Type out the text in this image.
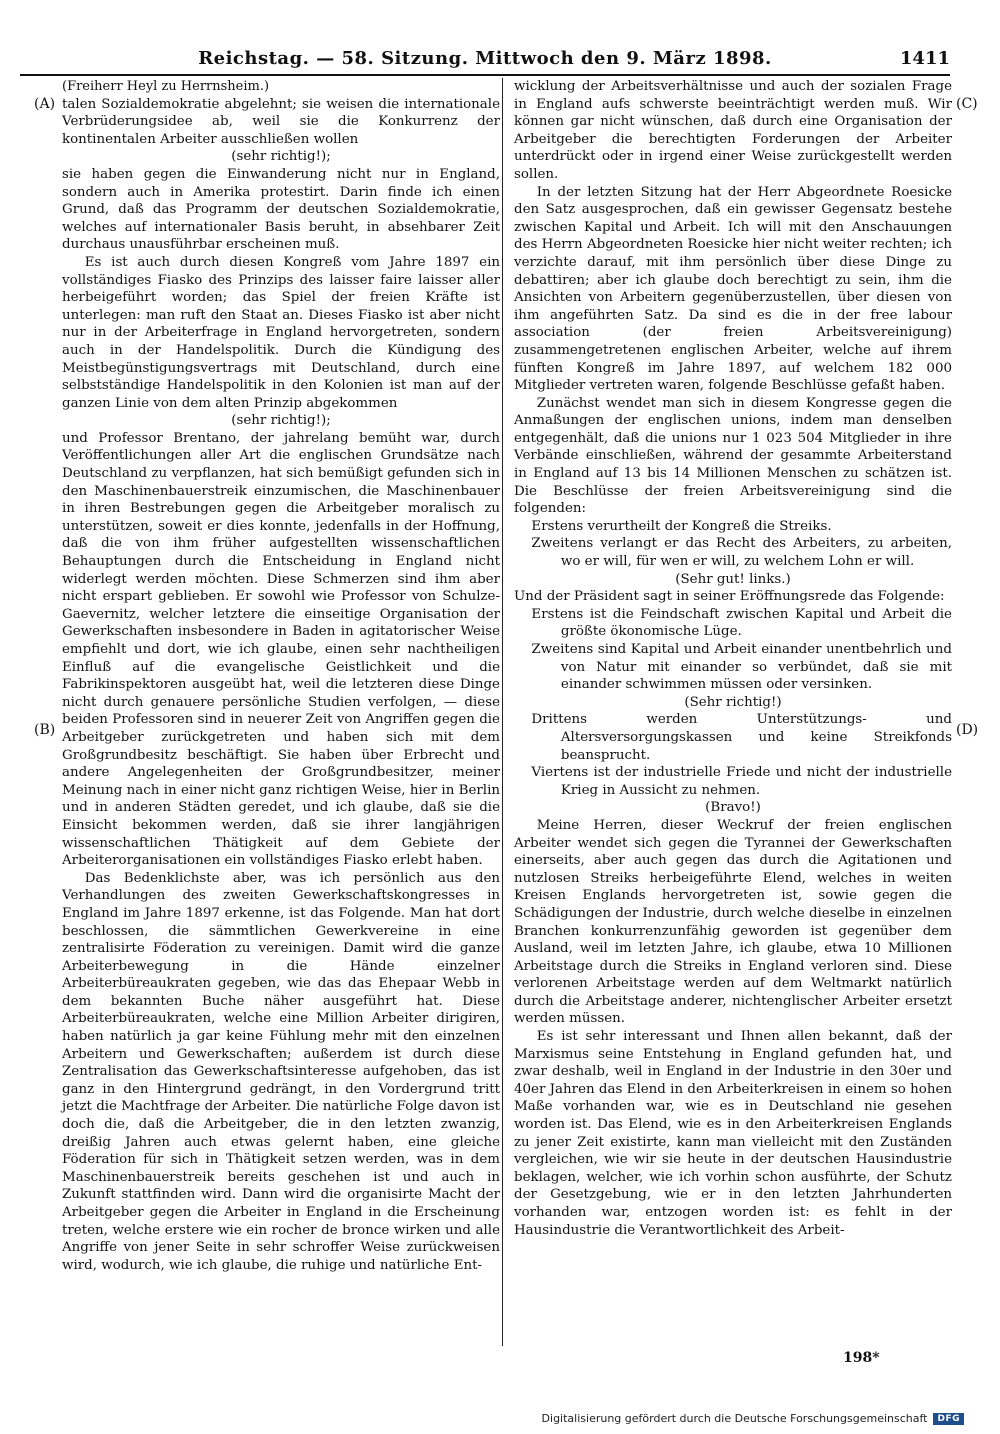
Reichstag. — 58. Sitzung. Mittwoch den 9. März 1898.	1411
(A)
(B)
(C)
(D)

(Freiherr Heyl zu Herrnsheim.)

talen Sozialdemokratie abgelehnt; sie weisen die internationale Verbrüderungsidee ab, weil sie die Konkurrenz der kontinentalen Arbeiter ausschließen wollen

(sehr richtig!);

sie haben gegen die Einwanderung nicht nur in England, sondern auch in Amerika protestirt. Darin finde ich einen Grund, daß das Programm der deutschen Sozialdemokratie, welches auf internationaler Basis beruht, in absehbarer Zeit durchaus unausführbar erscheinen muß.

Es ist auch durch diesen Kongreß vom Jahre 1897 ein vollständiges Fiasko des Prinzips des laisser faire laisser aller herbeigeführt worden; das Spiel der freien Kräfte ist unterlegen: man ruft den Staat an. Dieses Fiasko ist aber nicht nur in der Arbeiterfrage in England hervorgetreten, sondern auch in der Handelspolitik. Durch die Kündigung des Meistbegünstigungsvertrags mit Deutschland, durch eine selbstständige Handelspolitik in den Kolonien ist man auf der ganzen Linie von dem alten Prinzip abgekommen

(sehr richtig!);

und Professor Brentano, der jahrelang bemüht war, durch Veröffentlichungen aller Art die englischen Grundsätze nach Deutschland zu verpflanzen, hat sich bemüßigt gefunden sich in den Maschinenbauerstreik einzumischen, die Maschinenbauer in ihren Bestrebungen gegen die Arbeitgeber moralisch zu unterstützen, soweit er dies konnte, jedenfalls in der Hoffnung, daß die von ihm früher aufgestellten wissenschaftlichen Behauptungen durch die Entscheidung in England nicht widerlegt werden möchten. Diese Schmerzen sind ihm aber nicht erspart geblieben. Er sowohl wie Professor von Schulze-Gaevernitz, welcher letztere die einseitige Organisation der Gewerkschaften insbesondere in Baden in agitatorischer Weise empfiehlt und dort, wie ich glaube, einen sehr nachtheiligen Einfluß auf die evangelische Geistlichkeit und die Fabrikinspektoren ausgeübt hat, weil die letzteren diese Dinge nicht durch genauere persönliche Studien verfolgen, — diese beiden Professoren sind in neuerer Zeit von Angriffen gegen die Arbeitgeber zurückgetreten und haben sich mit dem Großgrundbesitz beschäftigt. Sie haben über Erbrecht und andere Angelegenheiten der Großgrundbesitzer, meiner Meinung nach in einer nicht ganz richtigen Weise, hier in Berlin und in anderen Städten geredet, und ich glaube, daß sie die Einsicht bekommen werden, daß sie ihrer langjährigen wissenschaftlichen Thätigkeit auf dem Gebiete der Arbeiterorganisationen ein vollständiges Fiasko erlebt haben.

Das Bedenklichste aber, was ich persönlich aus den Verhandlungen des zweiten Gewerkschaftskongresses in England im Jahre 1897 erkenne, ist das Folgende. Man hat dort beschlossen, die sämmtlichen Gewerkvereine in eine zentralisirte Föderation zu vereinigen. Damit wird die ganze Arbeiterbewegung in die Hände einzelner Arbeiterbüreaukraten gegeben, wie das das Ehepaar Webb in dem bekannten Buche näher ausgeführt hat. Diese Arbeiterbüreaukraten, welche eine Million Arbeiter dirigiren, haben natürlich ja gar keine Fühlung mehr mit den einzelnen Arbeitern und Gewerkschaften; außerdem ist durch diese Zentralisation das Gewerkschaftsinteresse aufgehoben, das ist ganz in den Hintergrund gedrängt, in den Vordergrund tritt jetzt die Machtfrage der Arbeiter. Die natürliche Folge davon ist doch die, daß die Arbeitgeber, die in den letzten zwanzig, dreißig Jahren auch etwas gelernt haben, eine gleiche Föderation für sich in Thätigkeit setzen werden, was in dem Maschinenbauerstreik bereits geschehen ist und auch in Zukunft stattfinden wird. Dann wird die organisirte Macht der Arbeitgeber gegen die Arbeiter in England in die Erscheinung treten, welche erstere wie ein rocher de bronce wirken und alle Angriffe von jener Seite in sehr schroffer Weise zurückweisen wird, wodurch, wie ich glaube, die ruhige und natürliche Ent-

wicklung der Arbeitsverhältnisse und auch der sozialen Frage in England aufs schwerste beeinträchtigt werden muß. Wir können gar nicht wünschen, daß durch eine Organisation der Arbeitgeber die berechtigten Forderungen der Arbeiter unterdrückt oder in irgend einer Weise zurückgestellt werden sollen.

In der letzten Sitzung hat der Herr Abgeordnete Roesicke den Satz ausgesprochen, daß ein gewisser Gegensatz bestehe zwischen Kapital und Arbeit. Ich will mit den Anschauungen des Herrn Abgeordneten Roesicke hier nicht weiter rechten; ich verzichte darauf, mit ihm persönlich über diese Dinge zu debattiren; aber ich glaube doch berechtigt zu sein, ihm die Ansichten von Arbeitern gegenüberzustellen, über diesen von ihm angeführten Satz. Da sind es die in der free labour association (der freien Arbeitsvereinigung) zusammengetretenen englischen Arbeiter, welche auf ihrem fünften Kongreß im Jahre 1897, auf welchem 182 000 Mitglieder vertreten waren, folgende Beschlüsse gefaßt haben.

Zunächst wendet man sich in diesem Kongresse gegen die Anmaßungen der englischen unions, indem man denselben entgegenhält, daß die unions nur 1 023 504 Mitglieder in ihre Verbände einschließen, während der gesammte Arbeiterstand in England auf 13 bis 14 Millionen Menschen zu schätzen ist. Die Beschlüsse der freien Arbeitsvereinigung sind die folgenden:

Erstens verurtheilt der Kongreß die Streiks.

Zweitens verlangt er das Recht des Arbeiters, zu arbeiten, wo er will, für wen er will, zu welchem Lohn er will.

(Sehr gut! links.)

Und der Präsident sagt in seiner Eröffnungsrede das Folgende:

Erstens ist die Feindschaft zwischen Kapital und Arbeit die größte ökonomische Lüge.

Zweitens sind Kapital und Arbeit einander unentbehrlich und von Natur mit einander so verbündet, daß sie mit einander schwimmen müssen oder versinken.

(Sehr richtig!)

Drittens werden Unterstützungs- und Altersversorgungskassen und keine Streikfonds beansprucht.

Viertens ist der industrielle Friede und nicht der industrielle Krieg in Aussicht zu nehmen.

(Bravo!)

Meine Herren, dieser Weckruf der freien englischen Arbeiter wendet sich gegen die Tyrannei der Gewerkschaften einerseits, aber auch gegen das durch die Agitationen und nutzlosen Streiks herbeigeführte Elend, welches in weiten Kreisen Englands hervorgetreten ist, sowie gegen die Schädigungen der Industrie, durch welche dieselbe in einzelnen Branchen konkurrenzunfähig geworden ist gegenüber dem Ausland, weil im letzten Jahre, ich glaube, etwa 10 Millionen Arbeitstage durch die Streiks in England verloren sind. Diese verlorenen Arbeitstage werden auf dem Weltmarkt natürlich durch die Arbeitstage anderer, nichtenglischer Arbeiter ersetzt werden müssen.

Es ist sehr interessant und Ihnen allen bekannt, daß der Marxismus seine Entstehung in England gefunden hat, und zwar deshalb, weil in England in der Industrie in den 30er und 40er Jahren das Elend in den Arbeiterkreisen in einem so hohen Maße vorhanden war, wie es in Deutschland nie gesehen worden ist. Das Elend, wie es in den Arbeiterkreisen Englands zu jener Zeit existirte, kann man vielleicht mit den Zuständen vergleichen, wie wir sie heute in der deutschen Hausindustrie beklagen, welcher, wie ich vorhin schon ausführte, der Schutz der Gesetzgebung, wie er in den letzten Jahrhunderten vorhanden war, entzogen worden ist: es fehlt in der Hausindustrie die Verantwortlichkeit des Arbeit-

198*
Digitalisierung gefördert durch die Deutsche Forschungsgemeinschaft	DFG
